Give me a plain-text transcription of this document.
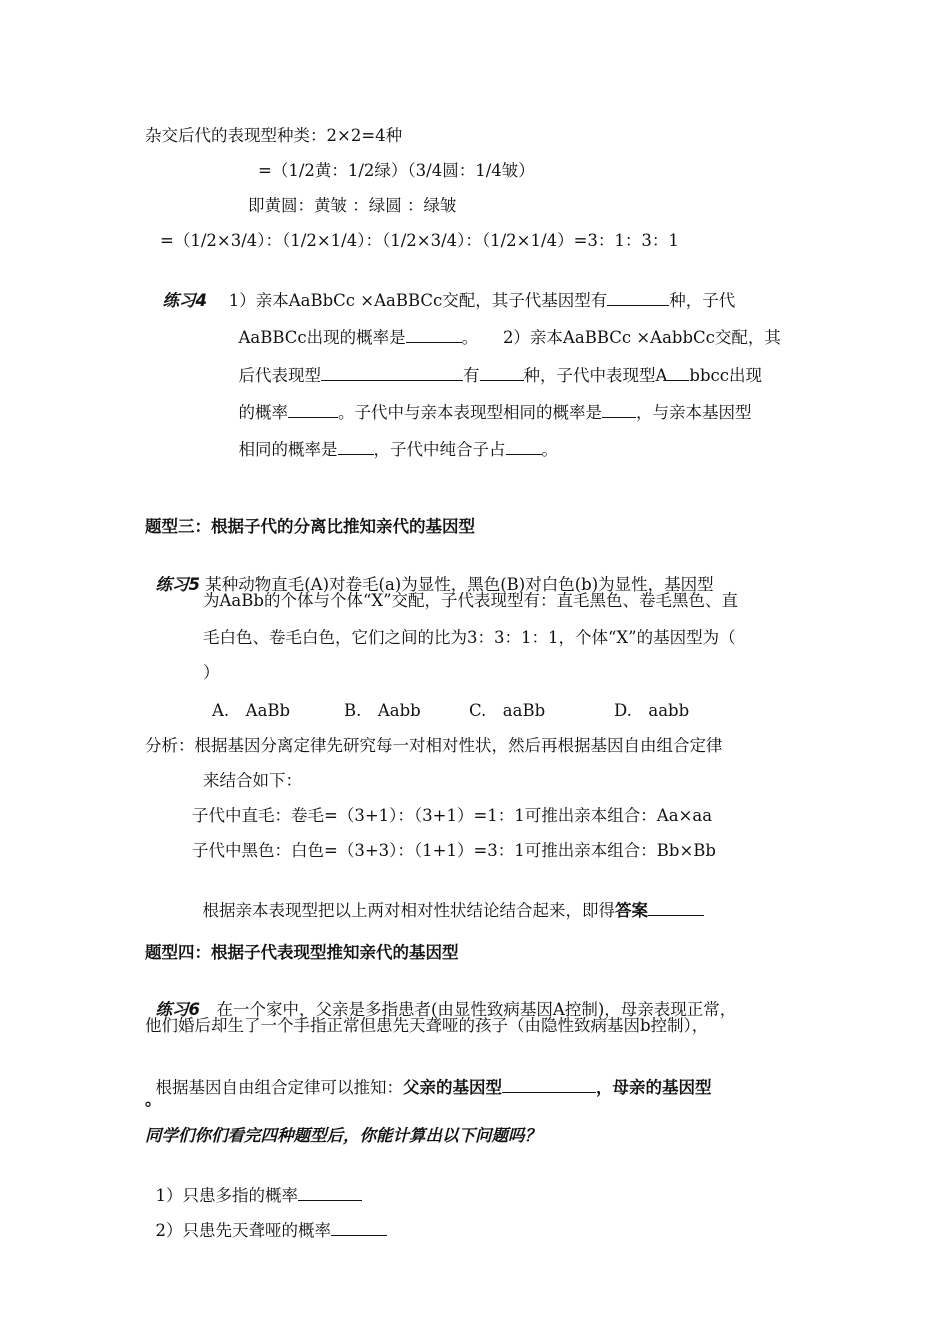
杂交后代的表现型种类：2×2=4种
=（1/2黄：1/2绿）（3/4圆：1/4皱）
即黄圆：黄皱 ：绿圆 ：绿皱
=（1/2×3/4）：（1/2×1/4）：（1/2×3/4）：（1/2×1/4）=3：1：3：1

练习4　 1）亲本AaBbCc ×AaBBCc交配，其子代基因型有	种，子代

AaBBCc出现的概率是	。　　2）亲本AaBBCc ×AabbCc交配，其

后代表现型	有	种，子代中表现型A bbcc出现

的概率	。子代中与亲本表现型相同的概率是 ，与亲本基因型

相同的概率是 ，子代中纯合子占 。

题型三：根据子代的分离比推知亲代的基因型

练习5 某种动物直毛(A)对卷毛(a)为显性，黑色(B)对白色(b)为显性，基因型

为AaBb的个体与个体“X”交配，子代表现型有：直毛黑色、卷毛黑色、直
毛白色、卷毛白色，它们之间的比为3：3：1：1，个体“X”的基因型为（
）
A.　AaBb	B.　Aabb	C.　aaBb	D.　aabb
分析：根据基因分离定律先研究每一对相对性状，然后再根据基因自由组合定律
来结合如下：
子代中直毛：卷毛=（3+1）：（3+1）=1：1可推出亲本组合：Aa×aa
子代中黑色：白色=（3+3）：（1+1）=3：1可推出亲本组合：Bb×Bb

根据亲本表现型把以上两对相对性状结论结合起来，即得答案

题型四：根据子代表现型推知亲代的基因型

练习6　在一个家中，父亲是多指患者(由显性致病基因A控制)，母亲表现正常，

他们婚后却生了一个手指正常但患先天聋哑的孩子（由隐性致病基因b控制），

根据基因自由组合定律可以推知：父亲的基因型	，母亲的基因型

。
同学们你们看完四种题型后，你能计算出以下问题吗？

1）只患多指的概率

2）只患先天聋哑的概率
